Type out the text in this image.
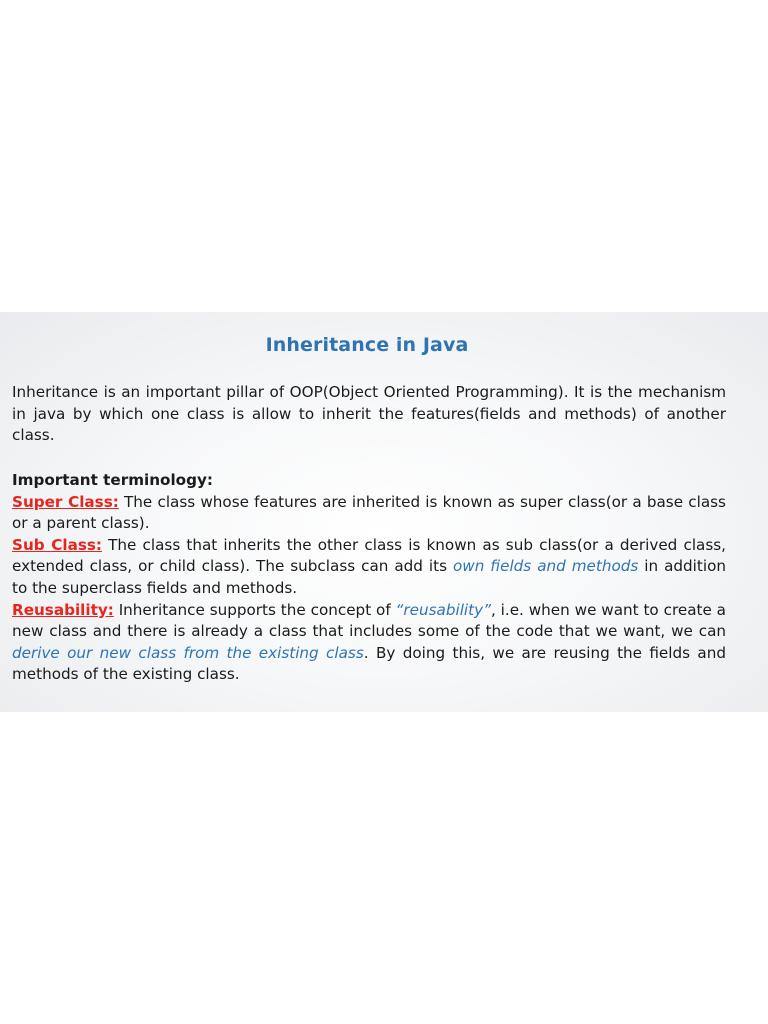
Inheritance in Java
Inheritance is an important pillar of OOP(Object Oriented Programming). It is the mechanism in java by which one class is allow to inherit the features(fields and methods) of another class.
Important terminology:
Super Class: The class whose features are inherited is known as super class(or a base class or a parent class).
Sub Class: The class that inherits the other class is known as sub class(or a derived class, extended class, or child class). The subclass can add its own fields and methods in addition to the superclass fields and methods.
Reusability: Inheritance supports the concept of “reusability”, i.e. when we want to create a new class and there is already a class that includes some of the code that we want, we can derive our new class from the existing class. By doing this, we are reusing the fields and methods of the existing class.
